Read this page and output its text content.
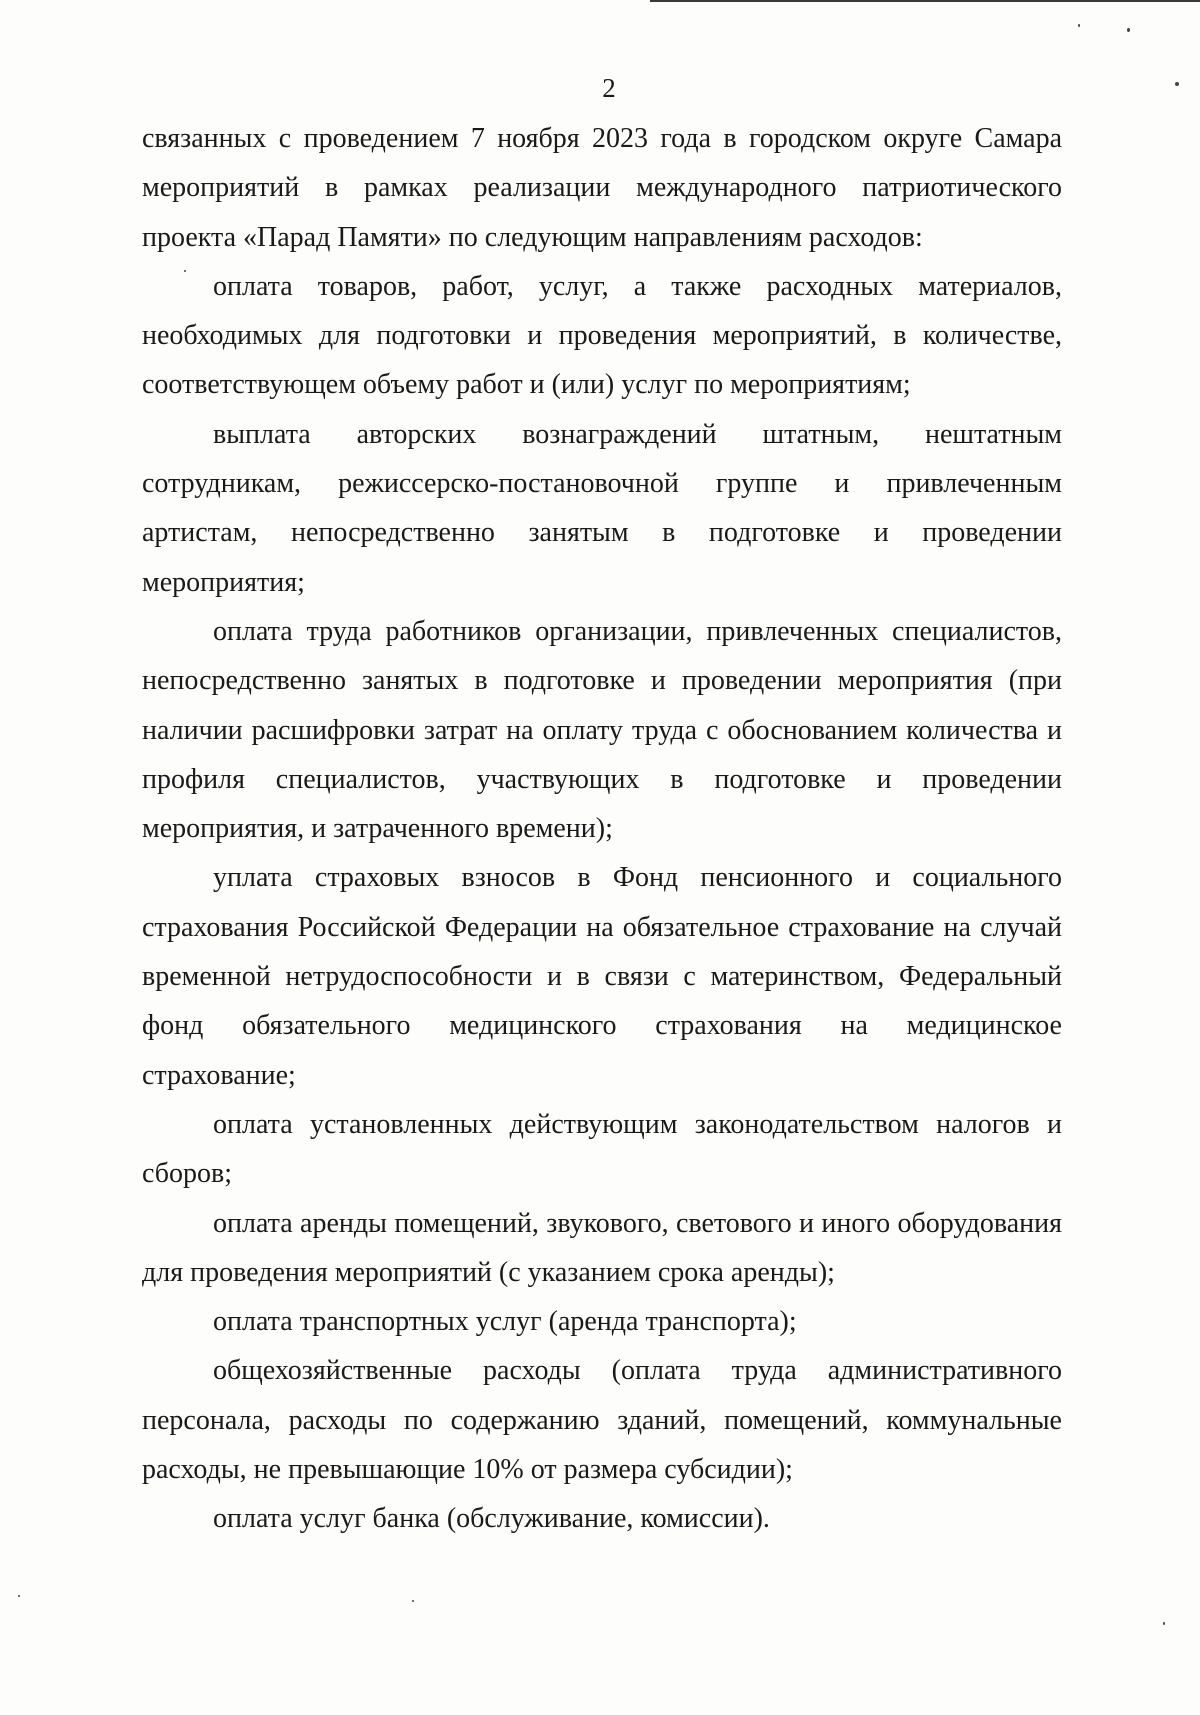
2

связанных с проведением 7 ноября 2023 года в городском округе Самара мероприятий в рамках реализации международного патриотического проекта «Парад Памяти» по следующим направлениям расходов:

оплата товаров, работ, услуг, а также расходных материалов, необходимых для подготовки и проведения мероприятий, в количестве, соответствующем объему работ и (или) услуг по мероприятиям;

выплата авторских вознаграждений штатным, нештатным сотрудникам, режиссерско-постановочной группе и привлеченным артистам, непосредственно занятым в подготовке и проведении мероприятия;

оплата труда работников организации, привлеченных специалистов, непосредственно занятых в подготовке и проведении мероприятия (при наличии расшифровки затрат на оплату труда с обоснованием количества и профиля специалистов, участвующих в подготовке и проведении мероприятия, и затраченного времени);

уплата страховых взносов в Фонд пенсионного и социального страхования Российской Федерации на обязательное страхование на случай временной нетрудоспособности и в связи с материнством, Федеральный фонд обязательного медицинского страхования на медицинское страхование;

оплата установленных действующим законодательством налогов и сборов;

оплата аренды помещений, звукового, светового и иного оборудования для проведения мероприятий (с указанием срока аренды);

оплата транспортных услуг (аренда транспорта);

общехозяйственные расходы (оплата труда административного персонала, расходы по содержанию зданий, помещений, коммунальные расходы, не превышающие 10% от размера субсидии);

оплата услуг банка (обслуживание, комиссии).
